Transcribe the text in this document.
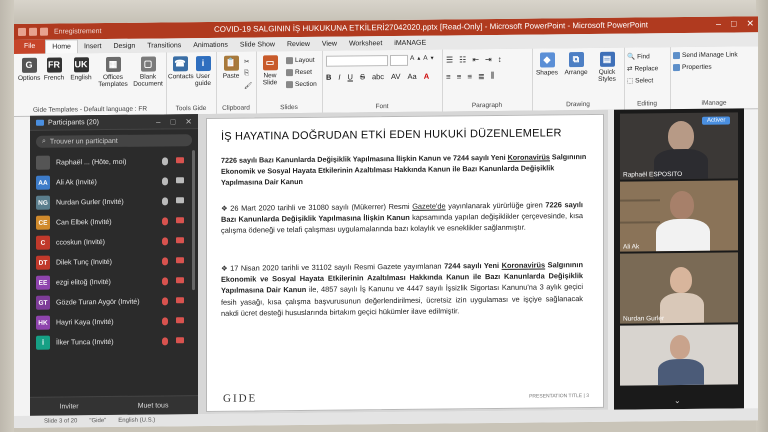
Enregistrement	COVID-19 SALGININ İŞ HUKUKUNA ETKİLERİ27042020.pptx [Read-Only] - Microsoft PowerPoint - Microsoft PowerPoint	– □ ✕
File	Home	Insert	Design	Transitions	Animations	Slide Show	Review	View	Worksheet	iMANAGE
G
Options
FR
French
UK
English
▦
Offices Templates
▢
Blank Document
Gide Templates - Default language : FR
☎
Contacts
i
User guide
Tools Gide
📋
Paste
✂
⎘
🖌
Clipboard
▭
New Slide
Layout
Reset
Section
Slides
A ▲ A ▼
B I U S abc AV Aa A
Font
☰ ☷ ⇤ ⇥ ↕
≡ ≡ ≡ ≣ ⫼
Paragraph
◆
Shapes
⧉
Arrange
▤
Quick Styles
Drawing
🔍 Find
⇄ Replace
⬚ Select
Editing
Send iManage Link
Properties
iManage
Participants (20)	– □ ✕
⌕ Trouver un participant
Raphaël ... (Hôte, moi)
AA	Ali Ak (Invité)
NG	Nurdan Gurler (Invité)
CE	Can Elbek (Invité)
C	ccoskun (Invité)
DT	Dilek Tunç (Invité)
EE	ezgi elitoğ (Invité)
GT	Gözde Turan Aygör (Invité)
HK	Hayri Kaya (Invité)
İ	İlker Tunca (Invité)
Inviter	Muet tous
İŞ HAYATINA DOĞRUDAN ETKİ EDEN HUKUKİ DÜZENLEMELER
7226 sayılı Bazı Kanunlarda Değişiklik Yapılmasına İlişkin Kanun ve 7244 sayılı Yeni Koronavirüs Salgınının Ekonomik ve Sosyal Hayata Etkilerinin Azaltılması Hakkında Kanun ile Bazı Kanunlarda Değişiklik Yapılmasına Dair Kanun
❖ 26 Mart 2020 tarihli ve 31080 sayılı (Mükerrer) Resmi Gazete'de yayınlanarak yürürlüğe giren 7226 sayılı Bazı Kanunlarda Değişiklik Yapılmasına İlişkin Kanun kapsamında yapılan değişiklikler çerçevesinde, kısa çalışma ödeneği ve telafi çalışması uygulamalarında bazı kolaylık ve esneklikler sağlanmıştır.
❖ 17 Nisan 2020 tarihli ve 31102 sayılı Resmi Gazete yayımlanan 7244 sayılı Yeni Koronavirüs Salgınının Ekonomik ve Sosyal Hayata Etkilerinin Azaltılması Hakkında Kanun ile Bazı Kanunlarda Değişiklik Yapılmasına Dair Kanun ile, 4857 sayılı İş Kanunu ve 4447 sayılı İşsizlik Sigortası Kanunu'na 3 aylık geçici fesih yasağı, kısa çalışma başvurusunun değerlendirilmesi, ücretsiz izin uygulaması ve işçiye sağlanacak nakdi ücret desteği hususlarında birtakım geçici hükümler ilave edilmiştir.
GIDE	PRESENTATION TITLE | 3
Activer
Raphaël ESPOSITO
Ali Ak
Nurdan Gurler
⌄
Slide 3 of 20 "Gide" English (U.S.)
